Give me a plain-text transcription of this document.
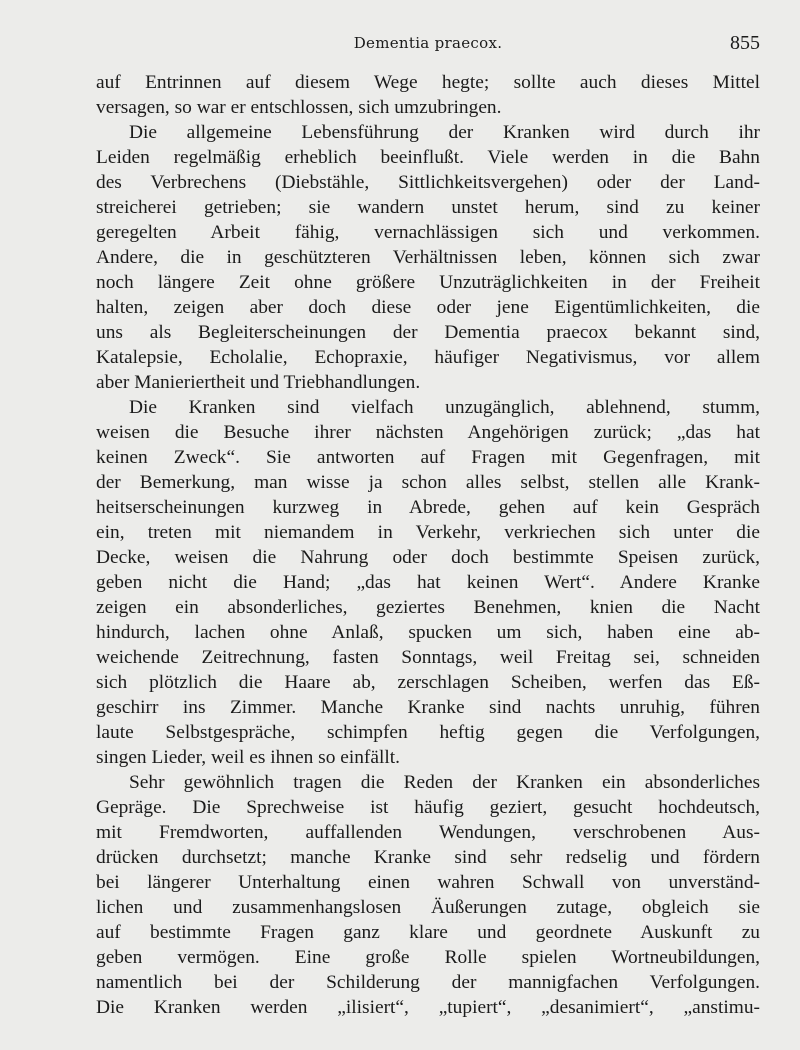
Dementia praecox.	855
auf Entrinnen auf diesem Wege hegte; sollte auch dieses Mittel
versagen, so war er entschlossen, sich umzubringen.
Die allgemeine Lebensführung der Kranken wird durch ihr
Leiden regelmäßig erheblich beeinflußt. Viele werden in die Bahn
des Verbrechens (Diebstähle, Sittlichkeitsvergehen) oder der Land-
streicherei getrieben; sie wandern unstet herum, sind zu keiner
geregelten Arbeit fähig, vernachlässigen sich und verkommen.
Andere, die in geschützteren Verhältnissen leben, können sich zwar
noch längere Zeit ohne größere Unzuträglichkeiten in der Freiheit
halten, zeigen aber doch diese oder jene Eigentümlichkeiten, die
uns als Begleiterscheinungen der Dementia praecox bekannt sind,
Katalepsie, Echolalie, Echopraxie, häufiger Negativismus, vor allem
aber Manieriertheit und Triebhandlungen.
Die Kranken sind vielfach unzugänglich, ablehnend, stumm,
weisen die Besuche ihrer nächsten Angehörigen zurück; „das hat
keinen Zweck“. Sie antworten auf Fragen mit Gegenfragen, mit
der Bemerkung, man wisse ja schon alles selbst, stellen alle Krank-
heitserscheinungen kurzweg in Abrede, gehen auf kein Gespräch
ein, treten mit niemandem in Verkehr, verkriechen sich unter die
Decke, weisen die Nahrung oder doch bestimmte Speisen zurück,
geben nicht die Hand; „das hat keinen Wert“. Andere Kranke
zeigen ein absonderliches, geziertes Benehmen, knien die Nacht
hindurch, lachen ohne Anlaß, spucken um sich, haben eine ab-
weichende Zeitrechnung, fasten Sonntags, weil Freitag sei, schneiden
sich plötzlich die Haare ab, zerschlagen Scheiben, werfen das Eß-
geschirr ins Zimmer. Manche Kranke sind nachts unruhig, führen
laute Selbstgespräche, schimpfen heftig gegen die Verfolgungen,
singen Lieder, weil es ihnen so einfällt.
Sehr gewöhnlich tragen die Reden der Kranken ein absonderliches
Gepräge. Die Sprechweise ist häufig geziert, gesucht hochdeutsch,
mit Fremdworten, auffallenden Wendungen, verschrobenen Aus-
drücken durchsetzt; manche Kranke sind sehr redselig und fördern
bei längerer Unterhaltung einen wahren Schwall von unverständ-
lichen und zusammenhangslosen Äußerungen zutage, obgleich sie
auf bestimmte Fragen ganz klare und geordnete Auskunft zu
geben vermögen. Eine große Rolle spielen Wortneubildungen,
namentlich bei der Schilderung der mannigfachen Verfolgungen.
Die Kranken werden „ilisiert“, „tupiert“, „desanimiert“, „anstimu-
